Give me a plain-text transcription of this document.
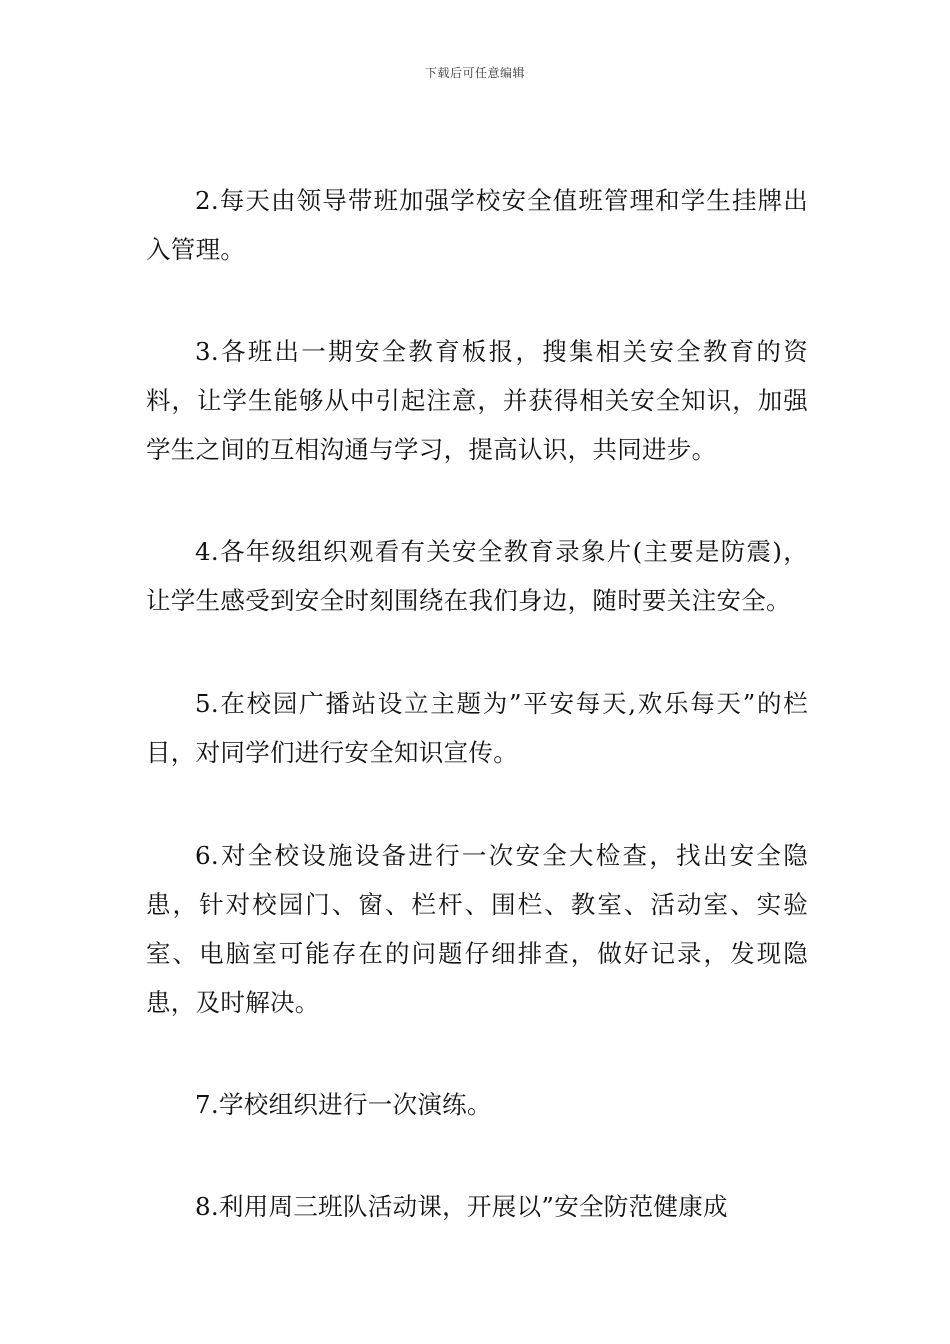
下载后可任意编辑

2.每天由领导带班加强学校安全值班管理和学生挂牌出入管理。

3.各班出一期安全教育板报，搜集相关安全教育的资料，让学生能够从中引起注意，并获得相关安全知识，加强学生之间的互相沟通与学习，提高认识，共同进步。

4.各年级组织观看有关安全教育录象片(主要是防震)，让学生感受到安全时刻围绕在我们身边，随时要关注安全。

5.在校园广播站设立主题为”平安每天,欢乐每天”的栏目，对同学们进行安全知识宣传。

6.对全校设施设备进行一次安全大检查，找出安全隐患，针对校园门、窗、栏杆、围栏、教室、活动室、实验室、电脑室可能存在的问题仔细排查，做好记录，发现隐患，及时解决。

7.学校组织进行一次演练。

8.利用周三班队活动课，开展以”安全防范健康成
